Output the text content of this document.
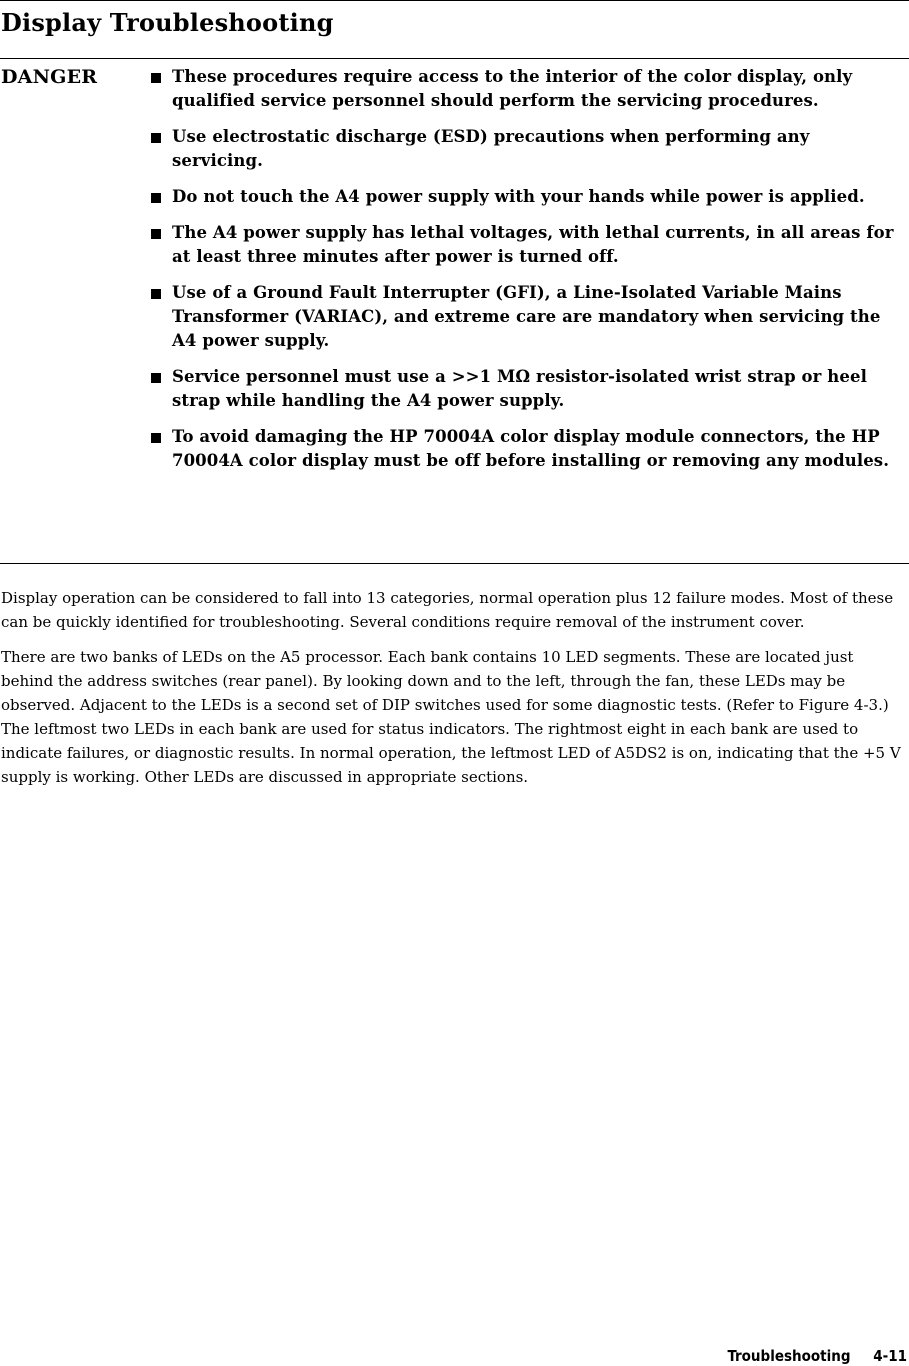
Display Troubleshooting
DANGER	These procedures require access to the interior of the color display, only qualified service personnel should perform the servicing procedures.
Use electrostatic discharge (ESD) precautions when performing any servicing.
Do not touch the A4 power supply with your hands while power is applied.
The A4 power supply has lethal voltages, with lethal currents, in all areas for at least three minutes after power is turned off.
Use of a Ground Fault Interrupter (GFI), a Line-Isolated Variable Mains Transformer (VARIAC), and extreme care are mandatory when servicing the A4 power supply.
Service personnel must use a >>1 MΩ resistor-isolated wrist strap or heel strap while handling the A4 power supply.
To avoid damaging the HP 70004A color display module connectors, the HP 70004A color display must be off before installing or removing any modules.

Display operation can be considered to fall into 13 categories, normal operation plus 12 failure modes. Most of these can be quickly identified for troubleshooting. Several conditions require removal of the instrument cover.

There are two banks of LEDs on the A5 processor. Each bank contains 10 LED segments. These are located just behind the address switches (rear panel). By looking down and to the left, through the fan, these LEDs may be observed. Adjacent to the LEDs is a second set of DIP switches used for some diagnostic tests. (Refer to Figure 4-3.) The leftmost two LEDs in each bank are used for status indicators. The rightmost eight in each bank are used to indicate failures, or diagnostic results. In normal operation, the leftmost LED of A5DS2 is on, indicating that the +5 V supply is working. Other LEDs are discussed in appropriate sections.

Troubleshooting 4-11
